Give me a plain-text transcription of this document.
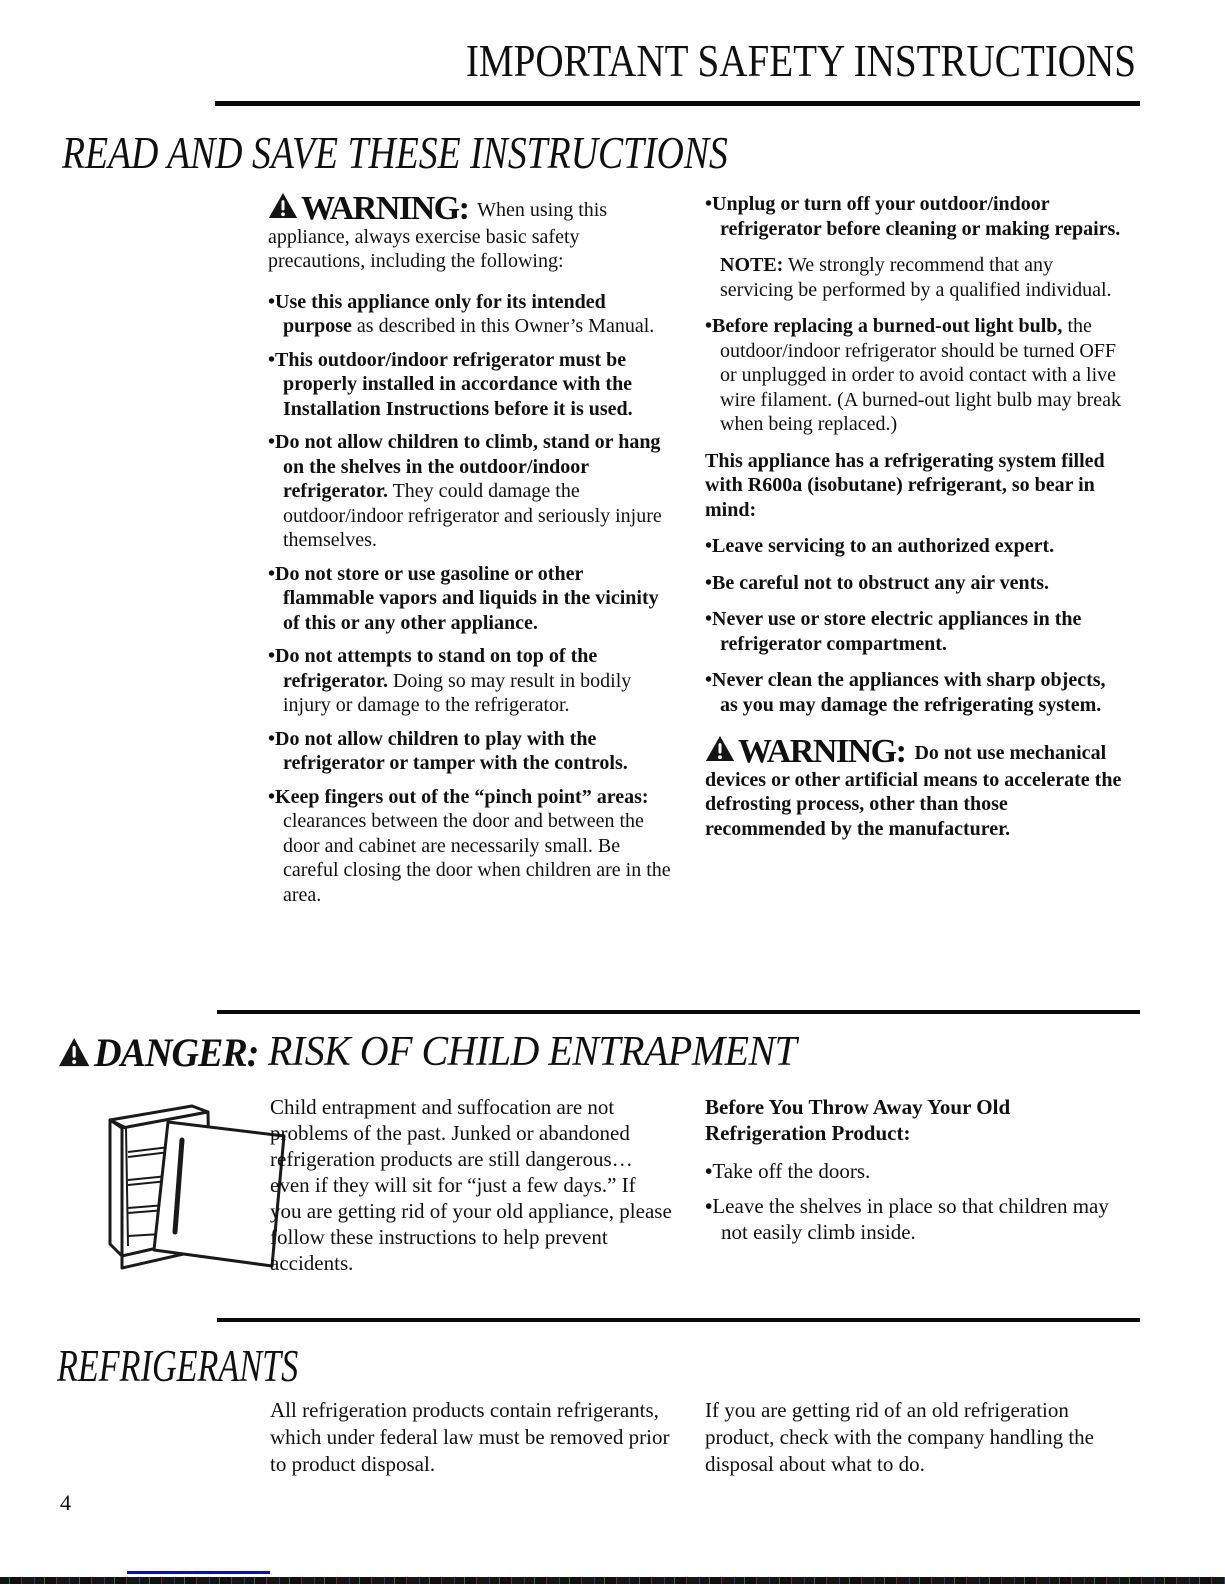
IMPORTANT SAFETY INSTRUCTIONS
READ AND SAVE THESE INSTRUCTIONS

WARNING: When using this appliance, always exercise basic safety precautions, including the following:

•Use this appliance only for its intended purpose as described in this Owner’s Manual.

•This outdoor/indoor refrigerator must be properly installed in accordance with the Installation Instructions before it is used.

•Do not allow children to climb, stand or hang on the shelves in the outdoor/indoor refrigerator. They could damage the outdoor/indoor refrigerator and seriously injure themselves.

•Do not store or use gasoline or other flammable vapors and liquids in the vicinity of this or any other appliance.

•Do not attempts to stand on top of the refrigerator. Doing so may result in bodily injury or damage to the refrigerator.

•Do not allow children to play with the refrigerator or tamper with the controls.

•Keep fingers out of the “pinch point” areas: clearances between the door and between the door and cabinet are necessarily small. Be careful closing the door when children are in the area.

•Unplug or turn off your outdoor/indoor refrigerator before cleaning or making repairs.

NOTE: We strongly recommend that any servicing be performed by a qualified individual.

•Before replacing a burned-out light bulb, the outdoor/indoor refrigerator should be turned OFF or unplugged in order to avoid contact with a live wire filament. (A burned-out light bulb may break when being replaced.)

This appliance has a refrigerating system filled with R600a (isobutane) refrigerant, so bear in mind:

•Leave servicing to an authorized expert.

•Be careful not to obstruct any air vents.

•Never use or store electric appliances in the refrigerator compartment.

•Never clean the appliances with sharp objects, as you may damage the refrigerating system.

WARNING: Do not use mechanical devices or other artificial means to accelerate the defrosting process, other than those recommended by the manufacturer.

DANGER: RISK OF CHILD ENTRAPMENT
Child entrapment and suffocation are not problems of the past. Junked or abandoned refrigeration products are still dangerous…even if they will sit for “just a few days.” If you are getting rid of your old appliance, please follow these instructions to help prevent accidents.

Before You Throw Away Your Old Refrigeration Product:

•Take off the doors.

•Leave the shelves in place so that children may not easily climb inside.

REFRIGERANTS
All refrigeration products contain refrigerants, which under federal law must be removed prior to product disposal.
If you are getting rid of an old refrigeration product, check with the company handling the disposal about what to do.
4
